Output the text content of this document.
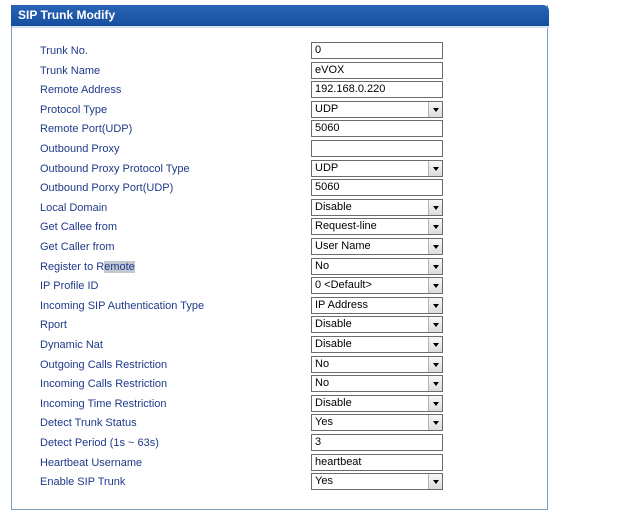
SIP Trunk Modify
Trunk No.	0
Trunk Name	eVOX
Remote Address	192.168.0.220
Protocol Type	UDP
Remote Port(UDP)	5060
Outbound Proxy
Outbound Proxy Protocol Type	UDP
Outbound Porxy Port(UDP)	5060
Local Domain	Disable
Get Callee from	Request-line
Get Caller from	User Name
Register to Remote	No
IP Profile ID	0 <Default>
Incoming SIP Authentication Type	IP Address
Rport	Disable
Dynamic Nat	Disable
Outgoing Calls Restriction	No
Incoming Calls Restriction	No
Incoming Time Restriction	Disable
Detect Trunk Status	Yes
Detect Period (1s ~ 63s)	3
Heartbeat Username	heartbeat
Enable SIP Trunk	Yes
